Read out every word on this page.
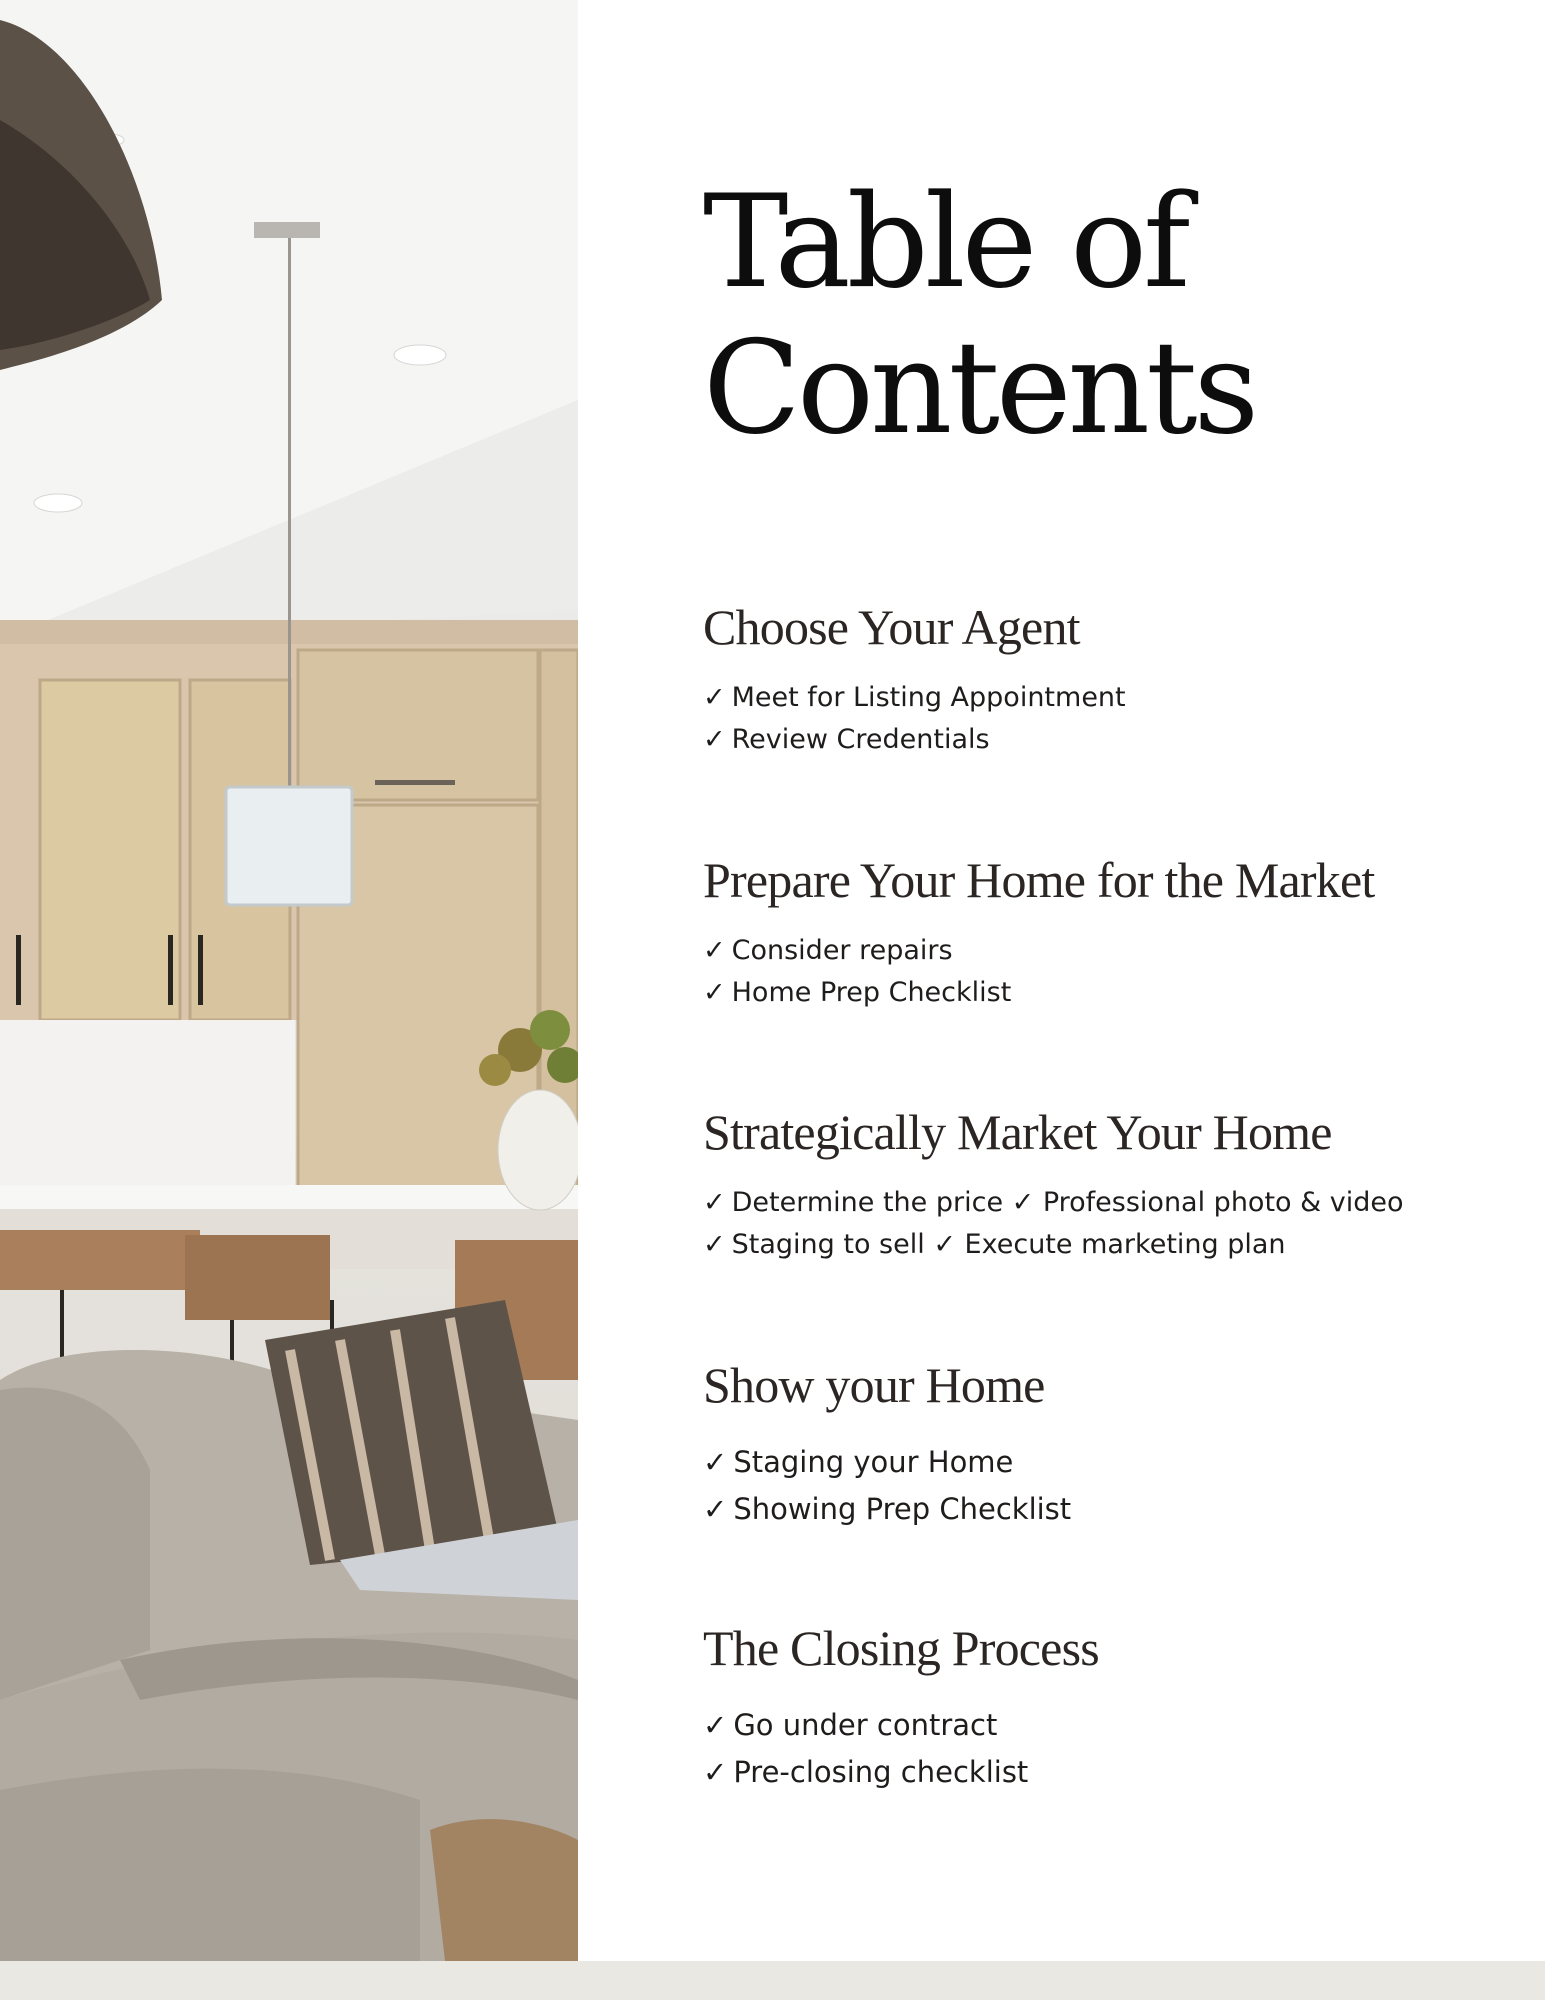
Table of
Contents
Choose Your Agent
✓ Meet for Listing Appointment
✓ Review Credentials
Prepare Your Home for the Market
✓ Consider repairs
✓ Home Prep Checklist
Strategically Market Your Home
✓ Determine the price ✓ Professional photo & video
✓ Staging to sell ✓ Execute marketing plan
Show your Home
✓ Staging your Home
✓ Showing Prep Checklist
The Closing Process
✓ Go under contract
✓ Pre-closing checklist
